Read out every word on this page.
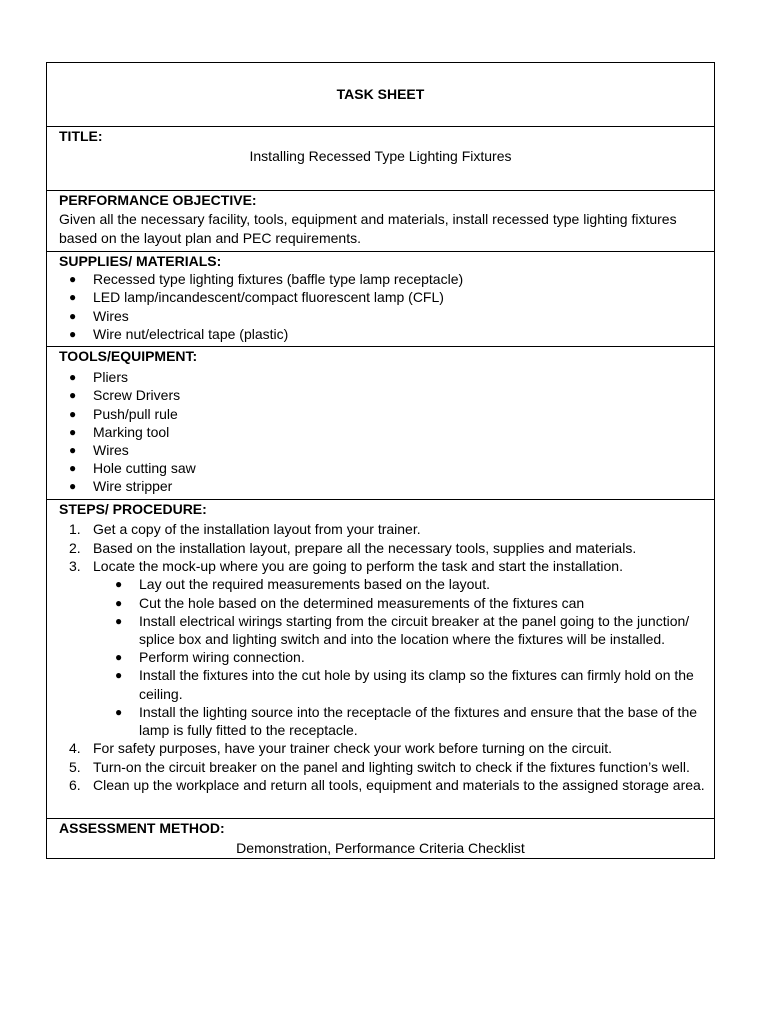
TASK SHEET
TITLE:
Installing Recessed Type Lighting Fixtures
PERFORMANCE OBJECTIVE:
Given all the necessary facility, tools, equipment and materials, install recessed type lighting fixtures based on the layout plan and PEC requirements.
SUPPLIES/ MATERIALS:
● Recessed type lighting fixtures (baffle type lamp receptacle)
● LED lamp/incandescent/compact fluorescent lamp (CFL)
● Wires
● Wire nut/electrical tape (plastic)
TOOLS/EQUIPMENT:
● Pliers
● Screw Drivers
● Push/pull rule
● Marking tool
● Wires
● Hole cutting saw
● Wire stripper
STEPS/ PROCEDURE:
1. Get a copy of the installation layout from your trainer.
2. Based on the installation layout, prepare all the necessary tools, supplies and materials.
3. Locate the mock-up where you are going to perform the task and start the installation.
● Lay out the required measurements based on the layout.
● Cut the hole based on the determined measurements of the fixtures can
● Install electrical wirings starting from the circuit breaker at the panel going to the junction/ splice box and lighting switch and into the location where the fixtures will be installed.
● Perform wiring connection.
● Install the fixtures into the cut hole by using its clamp so the fixtures can firmly hold on the ceiling.
● Install the lighting source into the receptacle of the fixtures and ensure that the base of the lamp is fully fitted to the receptacle.
4. For safety purposes, have your trainer check your work before turning on the circuit.
5. Turn-on the circuit breaker on the panel and lighting switch to check if the fixtures function’s well.
6. Clean up the workplace and return all tools, equipment and materials to the assigned storage area.
ASSESSMENT METHOD:
Demonstration, Performance Criteria Checklist
